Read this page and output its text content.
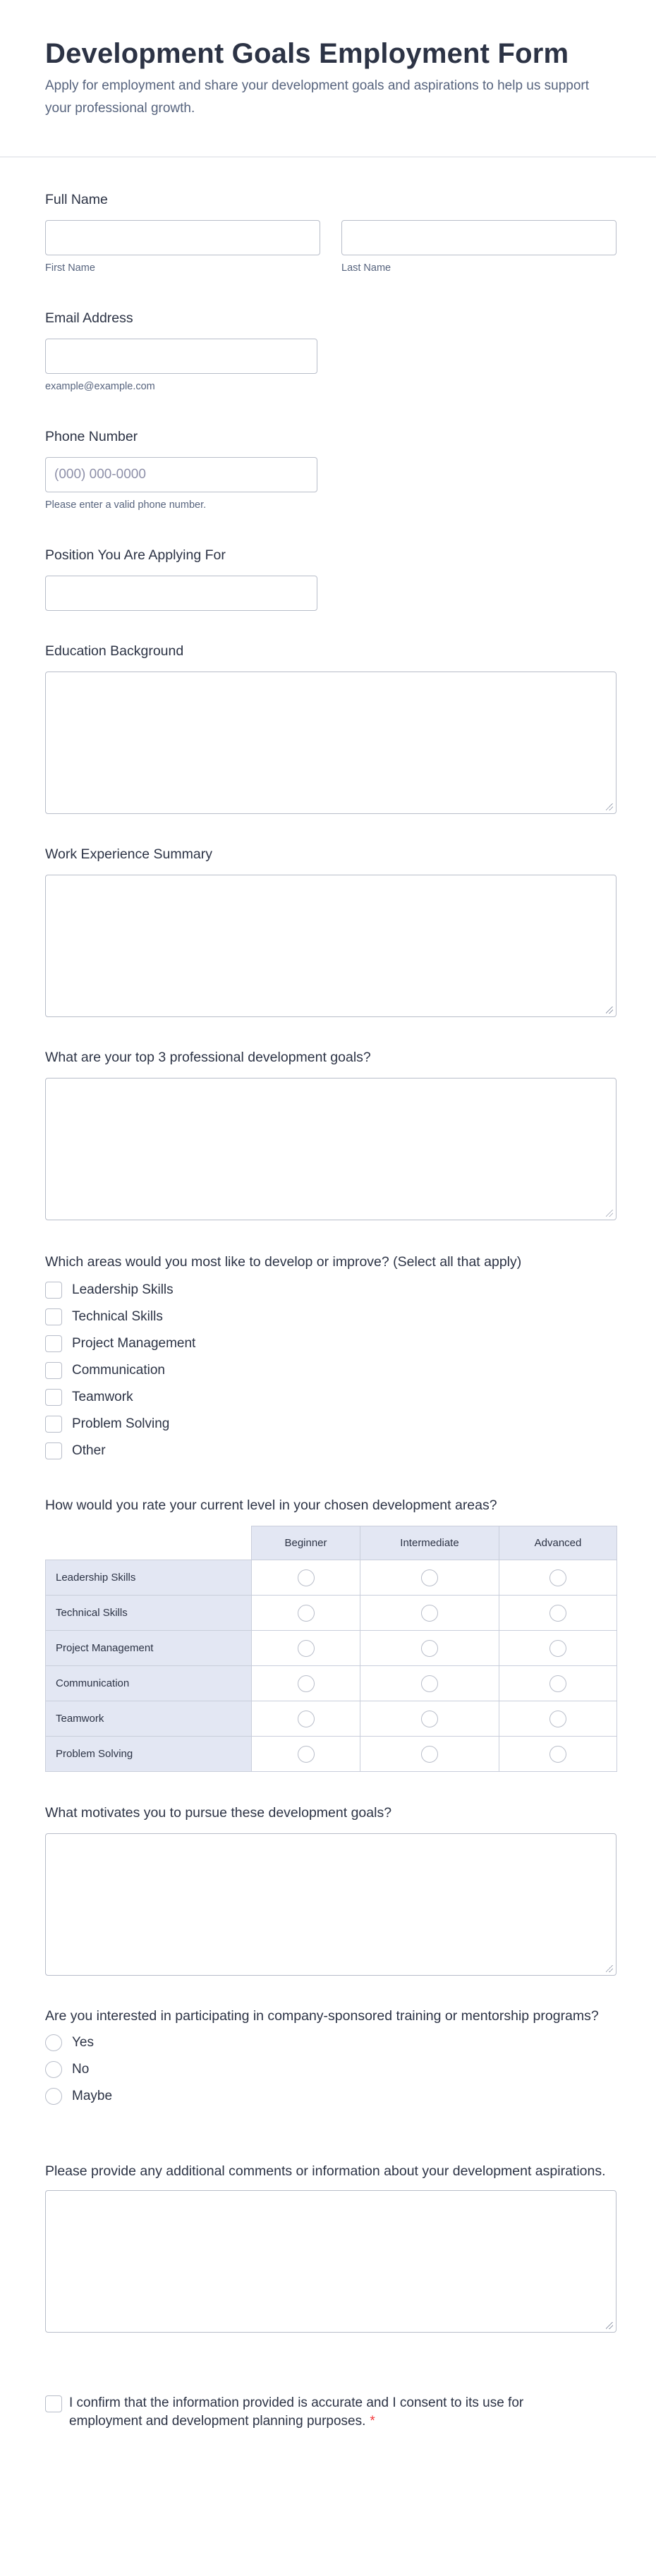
Development Goals Employment Form

Apply for employment and share your development goals and aspirations to help us support your professional growth.

Full Name
First Name	Last Name
Email Address
example@example.com
Phone Number
(000) 000-0000
Please enter a valid phone number.
Position You Are Applying For
Education Background
Work Experience Summary
What are your top 3 professional development goals?
Which areas would you most like to develop or improve? (Select all that apply)
Leadership Skills
Technical Skills
Project Management
Communication
Teamwork
Problem Solving
Other
How would you rate your current level in your chosen development areas?
	Beginner	Intermediate	Advanced
Leadership Skills			
Technical Skills			
Project Management			
Communication			
Teamwork			
Problem Solving			
What motivates you to pursue these development goals?
Are you interested in participating in company-sponsored training or mentorship programs?
Yes
No
Maybe
Please provide any additional comments or information about your development aspirations.
I confirm that the information provided is accurate and I consent to its use for employment and development planning purposes. *
